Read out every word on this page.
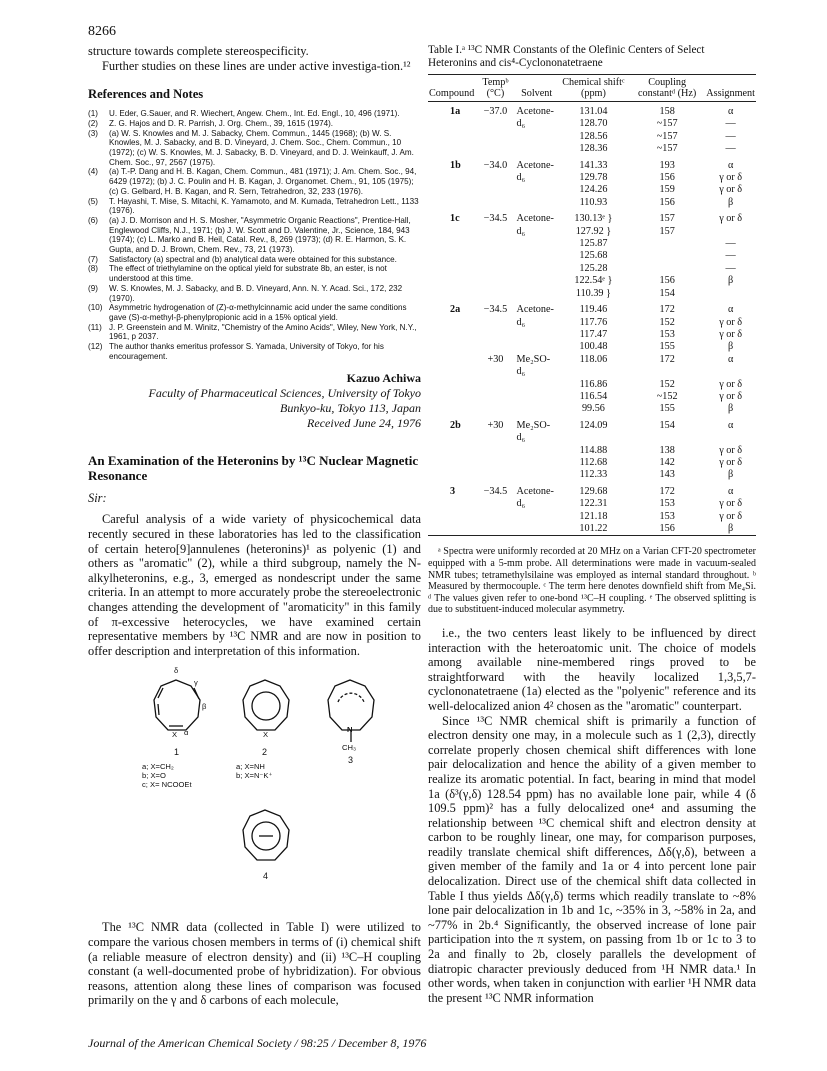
8266

structure towards complete stereospecificity.

Further studies on these lines are under active investiga-tion.¹²

References and Notes
(1)	U. Eder, G.Sauer, and R. Wiechert, Angew. Chem., Int. Ed. Engl., 10, 496 (1971).
(2)	Z. G. Hajos and D. R. Parrish, J. Org. Chem., 39, 1615 (1974).
(3)	(a) W. S. Knowles and M. J. Sabacky, Chem. Commun., 1445 (1968); (b) W. S. Knowles, M. J. Sabacky, and B. D. Vineyard, J. Chem. Soc., Chem. Commun., 10 (1972); (c) W. S. Knowles, M. J. Sabacky, B. D. Vineyard, and D. J. Weinkauff, J. Am. Chem. Soc., 97, 2567 (1975).
(4)	(a) T.-P. Dang and H. B. Kagan, Chem. Commun., 481 (1971); J. Am. Chem. Soc., 94, 6429 (1972); (b) J. C. Poulin and H. B. Kagan, J. Organomet. Chem., 91, 105 (1975); (c) G. Gelbard, H. B. Kagan, and R. Sern, Tetrahedron, 32, 233 (1976).
(5)	T. Hayashi, T. Mise, S. Mitachi, K. Yamamoto, and M. Kumada, Tetrahedron Lett., 1133 (1976).
(6)	(a) J. D. Morrison and H. S. Mosher, "Asymmetric Organic Reactions", Prentice-Hall, Englewood Cliffs, N.J., 1971; (b) J. W. Scott and D. Valentine, Jr., Science, 184, 943 (1974); (c) L. Marko and B. Heil, Catal. Rev., 8, 269 (1973); (d) R. E. Harmon, S. K. Gupta, and D. J. Brown, Chem. Rev., 73, 21 (1973).
(7)	Satisfactory (a) spectral and (b) analytical data were obtained for this substance.
(8)	The effect of triethylamine on the optical yield for substrate 8b, an ester, is not understood at this time.
(9)	W. S. Knowles, M. J. Sabacky, and B. D. Vineyard, Ann. N. Y. Acad. Sci., 172, 232 (1970).
(10) Asymmetric hydrogenation of (Z)-α-methylcinnamic acid under the same conditions gave (S)-α-methyl-β-phenylpropionic acid in a 15% optical yield.
(11) J. P. Greenstein and M. Winitz, "Chemistry of the Amino Acids", Wiley, New York, N.Y., 1961, p 2037.
(12) The author thanks emeritus professor S. Yamada, University of Tokyo, for his encouragement.
Kazuo Achiwa
Faculty of Pharmaceutical Sciences, University of Tokyo
Bunkyo-ku, Tokyo 113, Japan
Received June 24, 1976
An Examination of the Heteronins by ¹³C Nuclear Magnetic Resonance
Sir:

Careful analysis of a wide variety of physicochemical data recently secured in these laboratories has led to the classification of certain hetero[9]annulenes (heteronins)¹ as polyenic (1) and others as "aromatic" (2), while a third subgroup, namely the N-alkylheteronins, e.g., 3, emerged as nondescript under the same criteria. In an attempt to more accurately probe the stereoelectronic changes attending the development of "aromaticity" in this family of π-excessive heterocycles, we have examined certain representative members by ¹³C NMR and are now in position to offer description and interpretation of this information.

δ
γ
β
α
X	X
N
CH₃
1	2
3
a; X=CH₂
b; X=O
c; X= NCOOEt
a; X=NH
b; X=N⁻K⁺
4

The ¹³C NMR data (collected in Table I) were utilized to compare the various chosen members in terms of (i) chemical shift (a reliable measure of electron density) and (ii) ¹³C–H coupling constant (a well-documented probe of hybridization). For obvious reasons, attention along these lines of comparison was focused primarily on the γ and δ carbons of each molecule,

Table I.ᵃ ¹³C NMR Constants of the Olefinic Centers of Select Heteronins and cis⁴-Cyclononatetraene
Compound	Tempᵇ (°C)	Solvent	Chemical shiftᶜ (ppm)	Coupling constantᵈ (Hz)	Assignment
1a	−37.0	Acetone-	131.04	158	α
		d₆	128.70	~157	—
			128.56	~157	—
			128.36	~157	—
1b	−34.0	Acetone-	141.33	193	α
		d₆	129.78	156	γ or δ
			124.26	159	γ or δ
			110.93	156	β
1c	−34.5	Acetone-	130.13ᵉ }	157	γ or δ
		d₆	127.92 }	157	
			125.87		—
			125.68		—
			125.28		—
			122.54ᵉ }	156	β
			110.39 }	154	
2a	−34.5	Acetone-	119.46	172	α
		d₆	117.76	152	γ or δ
			117.47	153	γ or δ
			100.48	155	β
	+30	Me₂SO-d₆	118.06	172	α
			116.86	152	γ or δ
			116.54	~152	γ or δ
			99.56	155	β
2b	+30	Me₂SO-d₆	124.09	154	α
			114.88	138	γ or δ
			112.68	142	γ or δ
			112.33	143	β
3	−34.5	Acetone-	129.68	172	α
		d₆	122.31	153	γ or δ
			121.18	153	γ or δ
			101.22	156	β
ᵃ Spectra were uniformly recorded at 20 MHz on a Varian CFT-20 spectrometer equipped with a 5-mm probe. All determinations were made in vacuum-sealed NMR tubes; tetramethylsilaine was employed as internal standard throughout. ᵇ Measured by thermocouple. ᶜ The term here denotes downfield shift from Me₄Si. ᵈ The values given refer to one-bond ¹³C–H coupling. ᵉ The observed splitting is due to substituent-induced molecular asymmetry.

i.e., the two centers least likely to be influenced by direct interaction with the heteroatomic unit. The choice of models among available nine-membered rings proved to be straightforward with the heavily localized 1,3,5,7-cyclononatetraene (1a) elected as the "polyenic" reference and its well-delocalized anion 4² chosen as the "aromatic" counterpart.

Since ¹³C NMR chemical shift is primarily a function of electron density one may, in a molecule such as 1 (2,3), directly correlate properly chosen chemical shift differences with lone pair delocalization and hence the ability of a given member to realize its aromatic potential. In fact, bearing in mind that model 1a (δ³(γ,δ) 128.54 ppm) has no available lone pair, while 4 (δ 109.5 ppm)² has a fully delocalized one⁴ and assuming the relationship between ¹³C chemical shift and electron density at carbon to be roughly linear, one may, for comparison purposes, readily translate chemical shift differences, Δδ(γ,δ), between a given member of the family and 1a or 4 into percent lone pair delocalization. Direct use of the chemical shift data collected in Table I thus yields Δδ(γ,δ) terms which readily translate to ~8% lone pair delocalization in 1b and 1c, ~35% in 3, ~58% in 2a, and ~77% in 2b.⁴ Significantly, the observed increase of lone pair participation into the π system, on passing from 1b or 1c to 3 to 2a and finally to 2b, closely parallels the development of diatropic character previously deduced from ¹H NMR data.¹ In other words, when taken in conjunction with earlier ¹H NMR data the present ¹³C NMR information

Journal of the American Chemical Society / 98:25 / December 8, 1976
